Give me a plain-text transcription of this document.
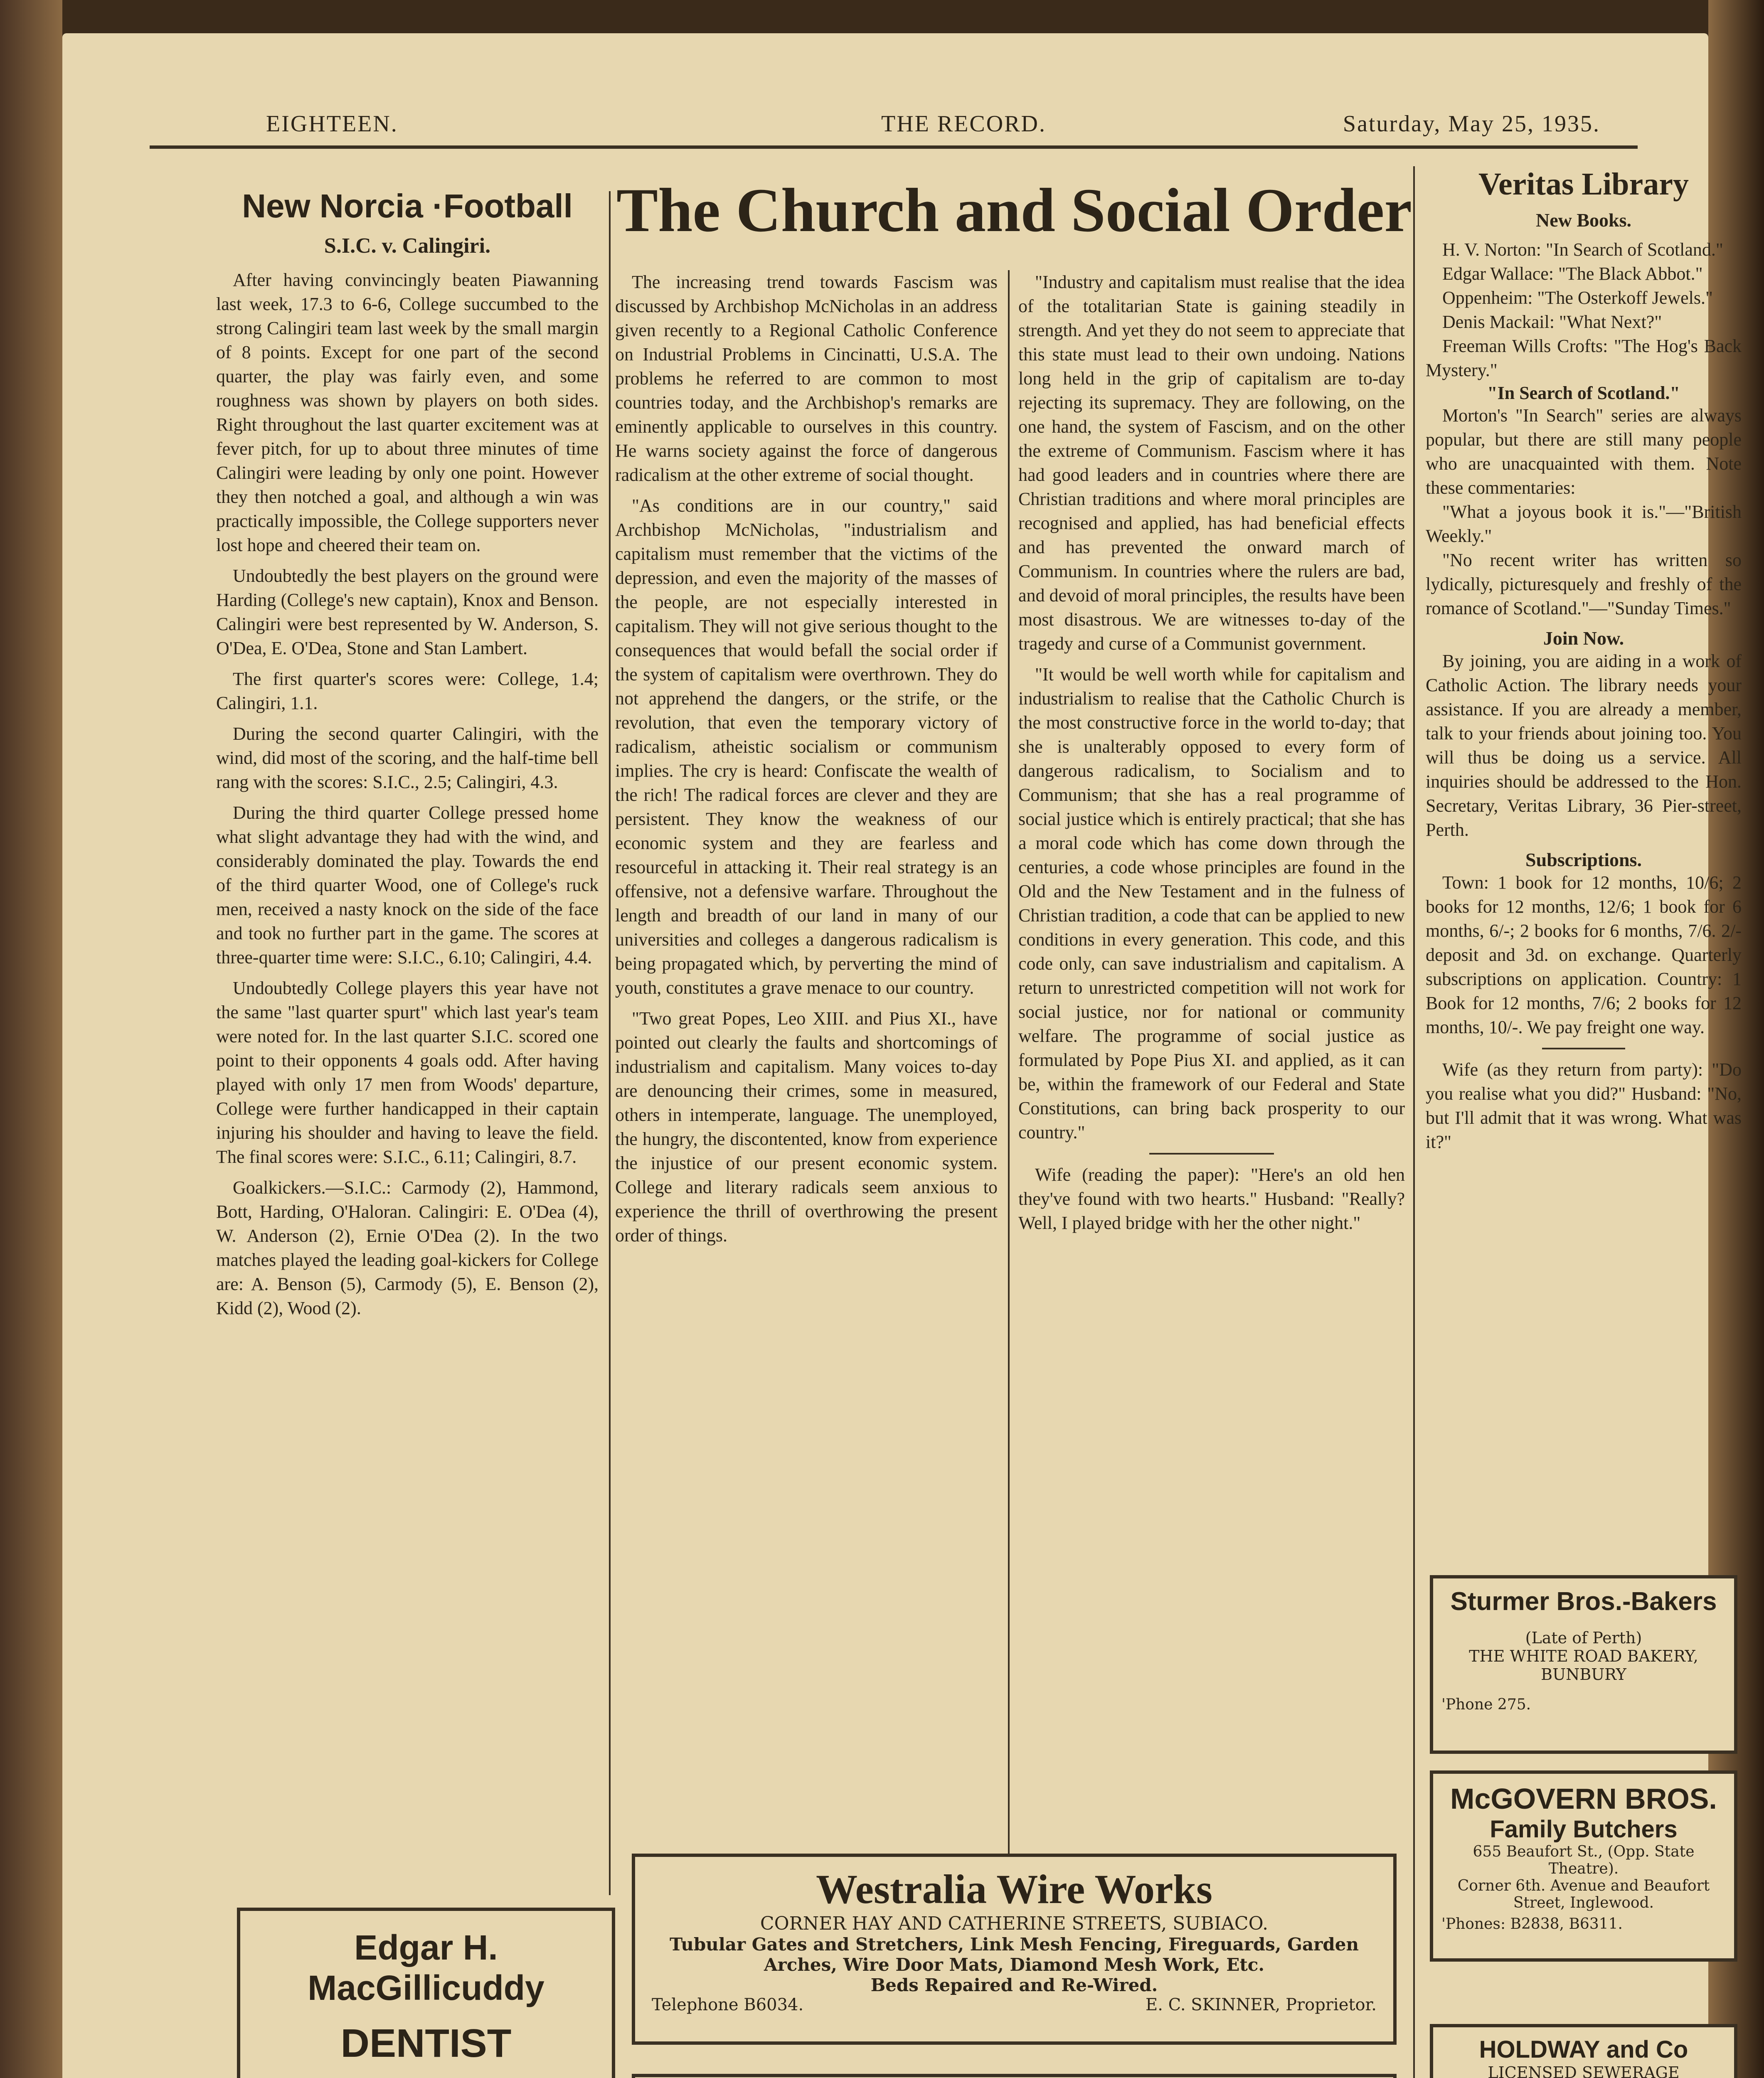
EIGHTEEN.	THE RECORD.	Saturday, May 25, 1935.
New Norcia ·Football
S.I.C. v. Calingiri.

After having convincingly beaten Piawanning last week, 17.3 to 6-6, College succumbed to the strong Calingiri team last week by the small margin of 8 points. Except for one part of the second quarter, the play was fairly even, and some roughness was shown by players on both sides. Right throughout the last quarter excitement was at fever pitch, for up to about three minutes of time Calingiri were leading by only one point. However they then notched a goal, and although a win was practically impossible, the College supporters never lost hope and cheered their team on.

Undoubtedly the best players on the ground were Harding (College's new captain), Knox and Benson. Calingiri were best represented by W. Anderson, S. O'Dea, E. O'Dea, Stone and Stan Lambert.

The first quarter's scores were: College, 1.4; Calingiri, 1.1.

During the second quarter Calingiri, with the wind, did most of the scoring, and the half-time bell rang with the scores: S.I.C., 2.5; Calingiri, 4.3.

During the third quarter College pressed home what slight advantage they had with the wind, and considerably dominated the play. Towards the end of the third quarter Wood, one of College's ruck men, received a nasty knock on the side of the face and took no further part in the game. The scores at three-quarter time were: S.I.C., 6.10; Calingiri, 4.4.

Undoubtedly College players this year have not the same "last quarter spurt" which last year's team were noted for. In the last quarter S.I.C. scored one point to their opponents 4 goals odd. After having played with only 17 men from Woods' departure, College were further handicapped in their captain injuring his shoulder and having to leave the field. The final scores were: S.I.C., 6.11; Calingiri, 8.7.

Goalkickers.—S.I.C.: Carmody (2), Hammond, Bott, Harding, O'Haloran. Calingiri: E. O'Dea (4), W. Anderson (2), Ernie O'Dea (2). In the two matches played the leading goal-kickers for College are: A. Benson (5), Carmody (5), E. Benson (2), Kidd (2), Wood (2).

The Church and Social Order

The increasing trend towards Fascism was discussed by Archbishop McNicholas in an address given recently to a Regional Catholic Conference on Industrial Problems in Cincinatti, U.S.A. The problems he referred to are common to most countries today, and the Archbishop's remarks are eminently applicable to ourselves in this country. He warns society against the force of dangerous radicalism at the other extreme of social thought.

"As conditions are in our country," said Archbishop McNicholas, "industrialism and capitalism must remember that the victims of the depression, and even the majority of the masses of the people, are not especially interested in capitalism. They will not give serious thought to the consequences that would befall the social order if the system of capitalism were overthrown. They do not apprehend the dangers, or the strife, or the revolution, that even the temporary victory of radicalism, atheistic socialism or communism implies. The cry is heard: Confiscate the wealth of the rich! The radical forces are clever and they are persistent. They know the weakness of our economic system and they are fearless and resourceful in attacking it. Their real strategy is an offensive, not a defensive warfare. Throughout the length and breadth of our land in many of our universities and colleges a dangerous radicalism is being propagated which, by perverting the mind of youth, constitutes a grave menace to our country.

"Two great Popes, Leo XIII. and Pius XI., have pointed out clearly the faults and shortcomings of industrialism and capitalism. Many voices to-day are denouncing their crimes, some in measured, others in intemperate, language. The unemployed, the hungry, the discontented, know from experience the injustice of our present economic system. College and literary radicals seem anxious to experience the thrill of overthrowing the present order of things.

"Industry and capitalism must realise that the idea of the totalitarian State is gaining steadily in strength. And yet they do not seem to appreciate that this state must lead to their own undoing. Nations long held in the grip of capitalism are to-day rejecting its supremacy. They are following, on the one hand, the system of Fascism, and on the other the extreme of Communism. Fascism where it has had good leaders and in countries where there are Christian traditions and where moral principles are recognised and applied, has had beneficial effects and has prevented the onward march of Communism. In countries where the rulers are bad, and devoid of moral principles, the results have been most disastrous. We are witnesses to-day of the tragedy and curse of a Communist government.

"It would be well worth while for capitalism and industrialism to realise that the Catholic Church is the most constructive force in the world to-day; that she is unalterably opposed to every form of dangerous radicalism, to Socialism and to Communism; that she has a real programme of social justice which is entirely practical; that she has a moral code which has come down through the centuries, a code whose principles are found in the Old and the New Testament and in the fulness of Christian tradition, a code that can be applied to new conditions in every generation. This code, and this code only, can save industrialism and capitalism. A return to unrestricted competition will not work for social justice, nor for national or community welfare. The programme of social justice as formulated by Pope Pius XI. and applied, as it can be, within the framework of our Federal and State Constitutions, can bring back prosperity to our country."

Wife (reading the paper): "Here's an old hen they've found with two hearts." Husband: "Really? Well, I played bridge with her the other night."

Veritas Library
New Books.

H. V. Norton: "In Search of Scotland."

Edgar Wallace: "The Black Abbot."

Oppenheim: "The Osterkoff Jewels."

Denis Mackail: "What Next?"

Freeman Wills Crofts: "The Hog's Back Mystery."

"In Search of Scotland."

Morton's "In Search" series are always popular, but there are still many people who are unacquainted with them. Note these commentaries:

"What a joyous book it is."—"British Weekly."

"No recent writer has written so lydically, picturesquely and freshly of the romance of Scotland."—"Sunday Times."

Join Now.

By joining, you are aiding in a work of Catholic Action. The library needs your assistance. If you are already a member, talk to your friends about joining too. You will thus be doing us a service. All inquiries should be addressed to the Hon. Secretary, Veritas Library, 36 Pier-street, Perth.

Subscriptions.

Town: 1 book for 12 months, 10/6; 2 books for 12 months, 12/6; 1 book for 6 months, 6/-; 2 books for 6 months, 7/6. 2/- deposit and 3d. on exchange. Quarterly subscriptions on application. Country: 1 Book for 12 months, 7/6; 2 books for 12 months, 10/-. We pay freight one way.

Wife (as they return from party): "Do you realise what you did?" Husband: "No, but I'll admit that it was wrong. What was it?"

Edgar H. MacGillicuddy
DENTIST
Westralia Wire Works
CORNER HAY AND CATHERINE STREETS, SUBIACO.
Tubular Gates and Stretchers, Link Mesh Fencing, Fireguards, Garden
Arches, Wire Door Mats, Diamond Mesh Work, Etc.
Beds Repaired and Re-Wired.
Telephone B6034.	E. C. SKINNER, Proprietor.
Sturmer Bros.-Bakers
(Late of Perth)
THE WHITE ROAD BAKERY,
BUNBURY
'Phone 275.
McGOVERN BROS.
Family Butchers
655 Beaufort St., (Opp. State Theatre).
Corner 6th. Avenue and Beaufort Street, Inglewood.
'Phones: B2838, B6311.
HOLDWAY and Co
LICENSED SEWERAGE
